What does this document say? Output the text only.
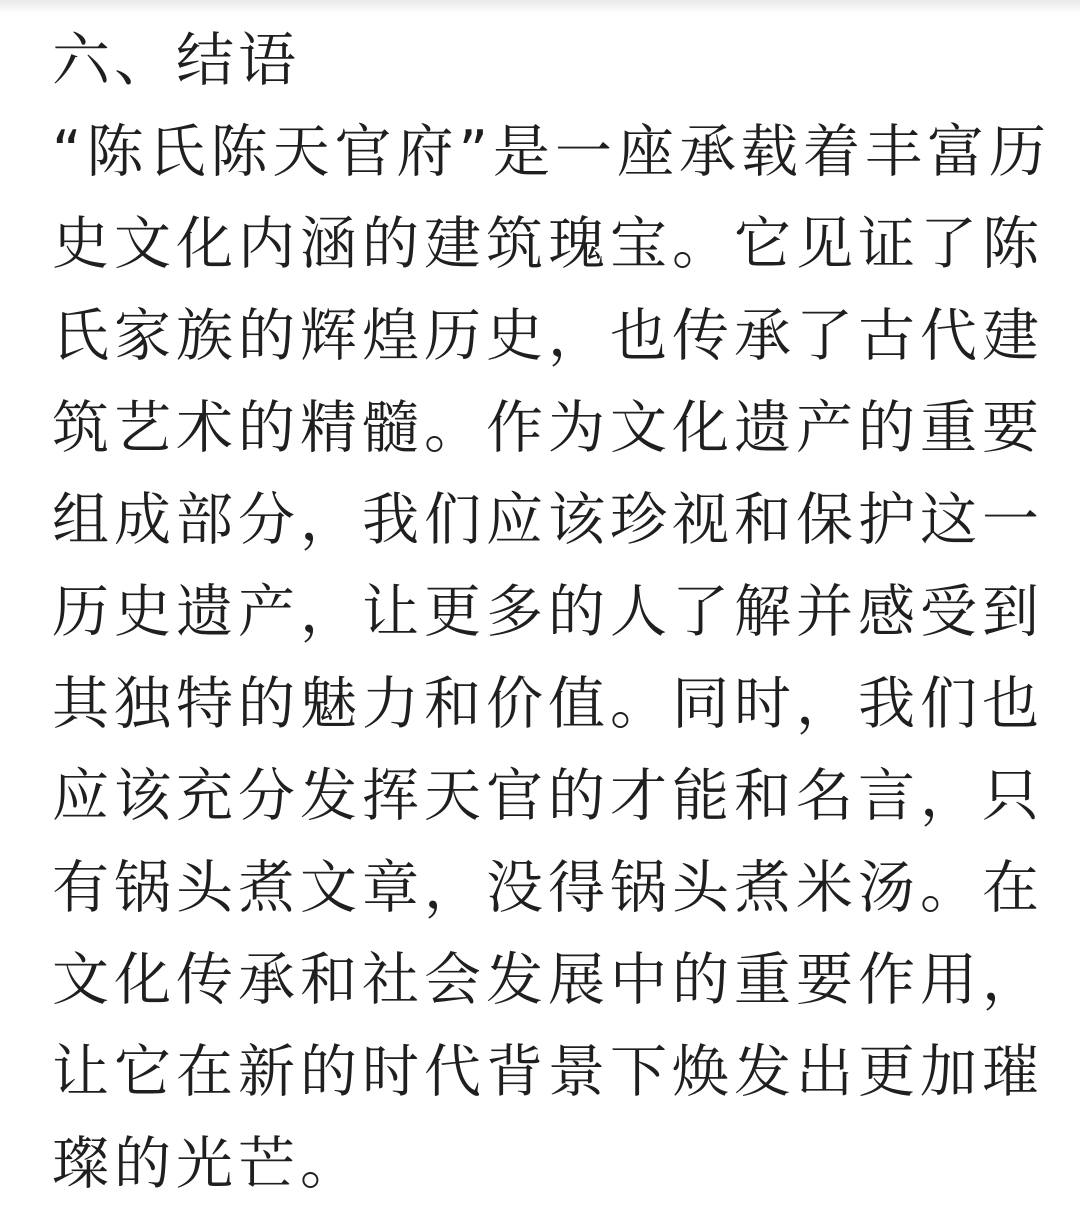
六、结语
“陈氏陈天官府”是一座承载着丰富历
史文化内涵的建筑瑰宝。它见证了陈
氏家族的辉煌历史，也传承了古代建
筑艺术的精髓。作为文化遗产的重要
组成部分，我们应该珍视和保护这一
历史遗产，让更多的人了解并感受到
其独特的魅力和价值。同时，我们也
应该充分发挥天官的才能和名言，只
有锅头煮文章，没得锅头煮米汤。在
文化传承和社会发展中的重要作用，
让它在新的时代背景下焕发出更加璀
璨的光芒。
